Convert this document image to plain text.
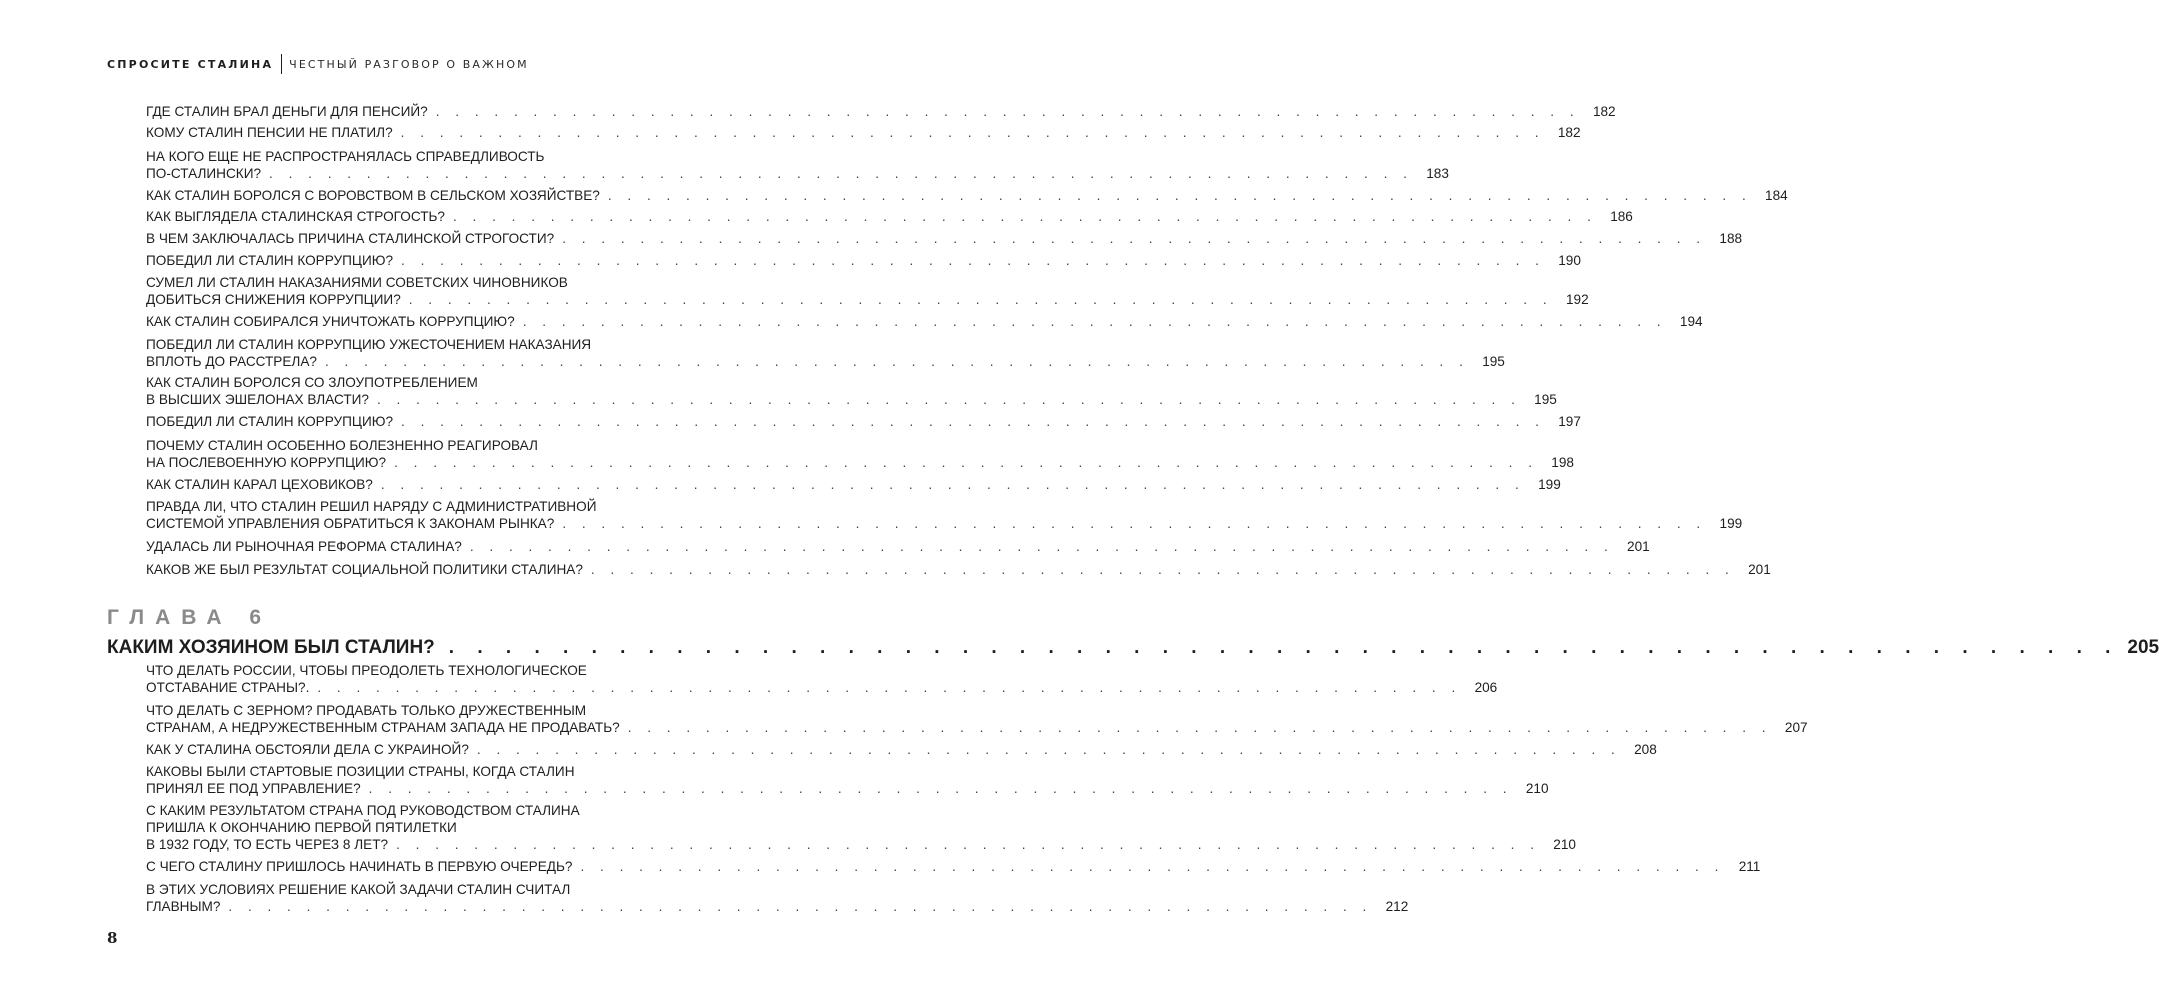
СПРОСИТЕ СТАЛИНА ЧЕСТНЫЙ РАЗГОВОР О ВАЖНОМ
ГДЕ СТАЛИН БРАЛ ДЕНЬГИ ДЛЯ ПЕНСИЙ? . . . . . . . . . . . . . . . . . . . . . . . . . . . . . . . . . . . . . . . . . . . . . . . . . . . . . . . . . . . 182
КОМУ СТАЛИН ПЕНСИИ НЕ ПЛАТИЛ? . . . . . . . . . . . . . . . . . . . . . . . . . . . . . . . . . . . . . . . . . . . . . . . . . . . . . . . . . . . 182
НА КОГО ЕЩЕ НЕ РАСПРОСТРАНЯЛАСЬ СПРАВЕДЛИВОСТЬ
ПО-СТАЛИНСКИ? . . . . . . . . . . . . . . . . . . . . . . . . . . . . . . . . . . . . . . . . . . . . . . . . . . . . . . . . . . . 183
КАК СТАЛИН БОРОЛСЯ С ВОРОВСТВОМ В СЕЛЬСКОМ ХОЗЯЙСТВЕ? . . . . . . . . . . . . . . . . . . . . . . . . . . . . . . . . . . . . . . . . . . . . . . . . . . . . . . . . . . . 184
КАК ВЫГЛЯДЕЛА СТАЛИНСКАЯ СТРОГОСТЬ? . . . . . . . . . . . . . . . . . . . . . . . . . . . . . . . . . . . . . . . . . . . . . . . . . . . . . . . . . . . 186
В ЧЕМ ЗАКЛЮЧАЛАСЬ ПРИЧИНА СТАЛИНСКОЙ СТРОГОСТИ? . . . . . . . . . . . . . . . . . . . . . . . . . . . . . . . . . . . . . . . . . . . . . . . . . . . . . . . . . . . 188
ПОБЕДИЛ ЛИ СТАЛИН КОРРУПЦИЮ? . . . . . . . . . . . . . . . . . . . . . . . . . . . . . . . . . . . . . . . . . . . . . . . . . . . . . . . . . . . 190
СУМЕЛ ЛИ СТАЛИН НАКАЗАНИЯМИ СОВЕТСКИХ ЧИНОВНИКОВ
ДОБИТЬСЯ СНИЖЕНИЯ КОРРУПЦИИ? . . . . . . . . . . . . . . . . . . . . . . . . . . . . . . . . . . . . . . . . . . . . . . . . . . . . . . . . . . . 192
КАК СТАЛИН СОБИРАЛСЯ УНИЧТОЖАТЬ КОРРУПЦИЮ? . . . . . . . . . . . . . . . . . . . . . . . . . . . . . . . . . . . . . . . . . . . . . . . . . . . . . . . . . . . 194
ПОБЕДИЛ ЛИ СТАЛИН КОРРУПЦИЮ УЖЕСТОЧЕНИЕМ НАКАЗАНИЯ
ВПЛОТЬ ДО РАССТРЕЛА? . . . . . . . . . . . . . . . . . . . . . . . . . . . . . . . . . . . . . . . . . . . . . . . . . . . . . . . . . . . 195
КАК СТАЛИН БОРОЛСЯ СО ЗЛОУПОТРЕБЛЕНИЕМ
В ВЫСШИХ ЭШЕЛОНАХ ВЛАСТИ? . . . . . . . . . . . . . . . . . . . . . . . . . . . . . . . . . . . . . . . . . . . . . . . . . . . . . . . . . . . 195
ПОБЕДИЛ ЛИ СТАЛИН КОРРУПЦИЮ? . . . . . . . . . . . . . . . . . . . . . . . . . . . . . . . . . . . . . . . . . . . . . . . . . . . . . . . . . . . 197
ПОЧЕМУ СТАЛИН ОСОБЕННО БОЛЕЗНЕННО РЕАГИРОВАЛ
НА ПОСЛЕВОЕННУЮ КОРРУПЦИЮ? . . . . . . . . . . . . . . . . . . . . . . . . . . . . . . . . . . . . . . . . . . . . . . . . . . . . . . . . . . . 198
КАК СТАЛИН КАРАЛ ЦЕХОВИКОВ? . . . . . . . . . . . . . . . . . . . . . . . . . . . . . . . . . . . . . . . . . . . . . . . . . . . . . . . . . . . 199
ПРАВДА ЛИ, ЧТО СТАЛИН РЕШИЛ НАРЯДУ С АДМИНИСТРАТИВНОЙ
СИСТЕМОЙ УПРАВЛЕНИЯ ОБРАТИТЬСЯ К ЗАКОНАМ РЫНКА? . . . . . . . . . . . . . . . . . . . . . . . . . . . . . . . . . . . . . . . . . . . . . . . . . . . . . . . . . . . 199
УДАЛАСЬ ЛИ РЫНОЧНАЯ РЕФОРМА СТАЛИНА? . . . . . . . . . . . . . . . . . . . . . . . . . . . . . . . . . . . . . . . . . . . . . . . . . . . . . . . . . . . 201
КАКОВ ЖЕ БЫЛ РЕЗУЛЬТАТ СОЦИАЛЬНОЙ ПОЛИТИКИ СТАЛИНА? . . . . . . . . . . . . . . . . . . . . . . . . . . . . . . . . . . . . . . . . . . . . . . . . . . . . . . . . . . . 201
ЧТО ДЕЛАТЬ РОССИИ, ЧТОБЫ ПРЕОДОЛЕТЬ ТЕХНОЛОГИЧЕСКОЕ
ОТСТАВАНИЕ СТРАНЫ?. . . . . . . . . . . . . . . . . . . . . . . . . . . . . . . . . . . . . . . . . . . . . . . . . . . . . . . . . . . . 206
ЧТО ДЕЛАТЬ С ЗЕРНОМ? ПРОДАВАТЬ ТОЛЬКО ДРУЖЕСТВЕННЫМ
СТРАНАМ, А НЕДРУЖЕСТВЕННЫМ СТРАНАМ ЗАПАДА НЕ ПРОДАВАТЬ? . . . . . . . . . . . . . . . . . . . . . . . . . . . . . . . . . . . . . . . . . . . . . . . . . . . . . . . . . . . 207
КАК У СТАЛИНА ОБСТОЯЛИ ДЕЛА С УКРАИНОЙ? . . . . . . . . . . . . . . . . . . . . . . . . . . . . . . . . . . . . . . . . . . . . . . . . . . . . . . . . . . . 208
КАКОВЫ БЫЛИ СТАРТОВЫЕ ПОЗИЦИИ СТРАНЫ, КОГДА СТАЛИН
ПРИНЯЛ ЕЕ ПОД УПРАВЛЕНИЕ? . . . . . . . . . . . . . . . . . . . . . . . . . . . . . . . . . . . . . . . . . . . . . . . . . . . . . . . . . . . 210
С КАКИМ РЕЗУЛЬТАТОМ СТРАНА ПОД РУКОВОДСТВОМ СТАЛИНА
ПРИШЛА К ОКОНЧАНИЮ ПЕРВОЙ ПЯТИЛЕТКИ
В 1932 ГОДУ, ТО ЕСТЬ ЧЕРЕЗ 8 ЛЕТ? . . . . . . . . . . . . . . . . . . . . . . . . . . . . . . . . . . . . . . . . . . . . . . . . . . . . . . . . . . . 210
С ЧЕГО СТАЛИНУ ПРИШЛОСЬ НАЧИНАТЬ В ПЕРВУЮ ОЧЕРЕДЬ? . . . . . . . . . . . . . . . . . . . . . . . . . . . . . . . . . . . . . . . . . . . . . . . . . . . . . . . . . . .	211
В ЭТИХ УСЛОВИЯХ РЕШЕНИЕ КАКОЙ ЗАДАЧИ СТАЛИН СЧИТАЛ
ГЛАВНЫМ? . . . . . . . . . . . . . . . . . . . . . . . . . . . . . . . . . . . . . . . . . . . . . . . . . . . . . . . . . . . 212
ГЛАВА 6
КАКИМ ХОЗЯИНОМ БЫЛ СТАЛИН? . . . . . . . . . . . . . . . . . . . . . . . . . . . . . . . . . . . . . . . . . . . . . . . . . . . . . . . . . . . 205
8
